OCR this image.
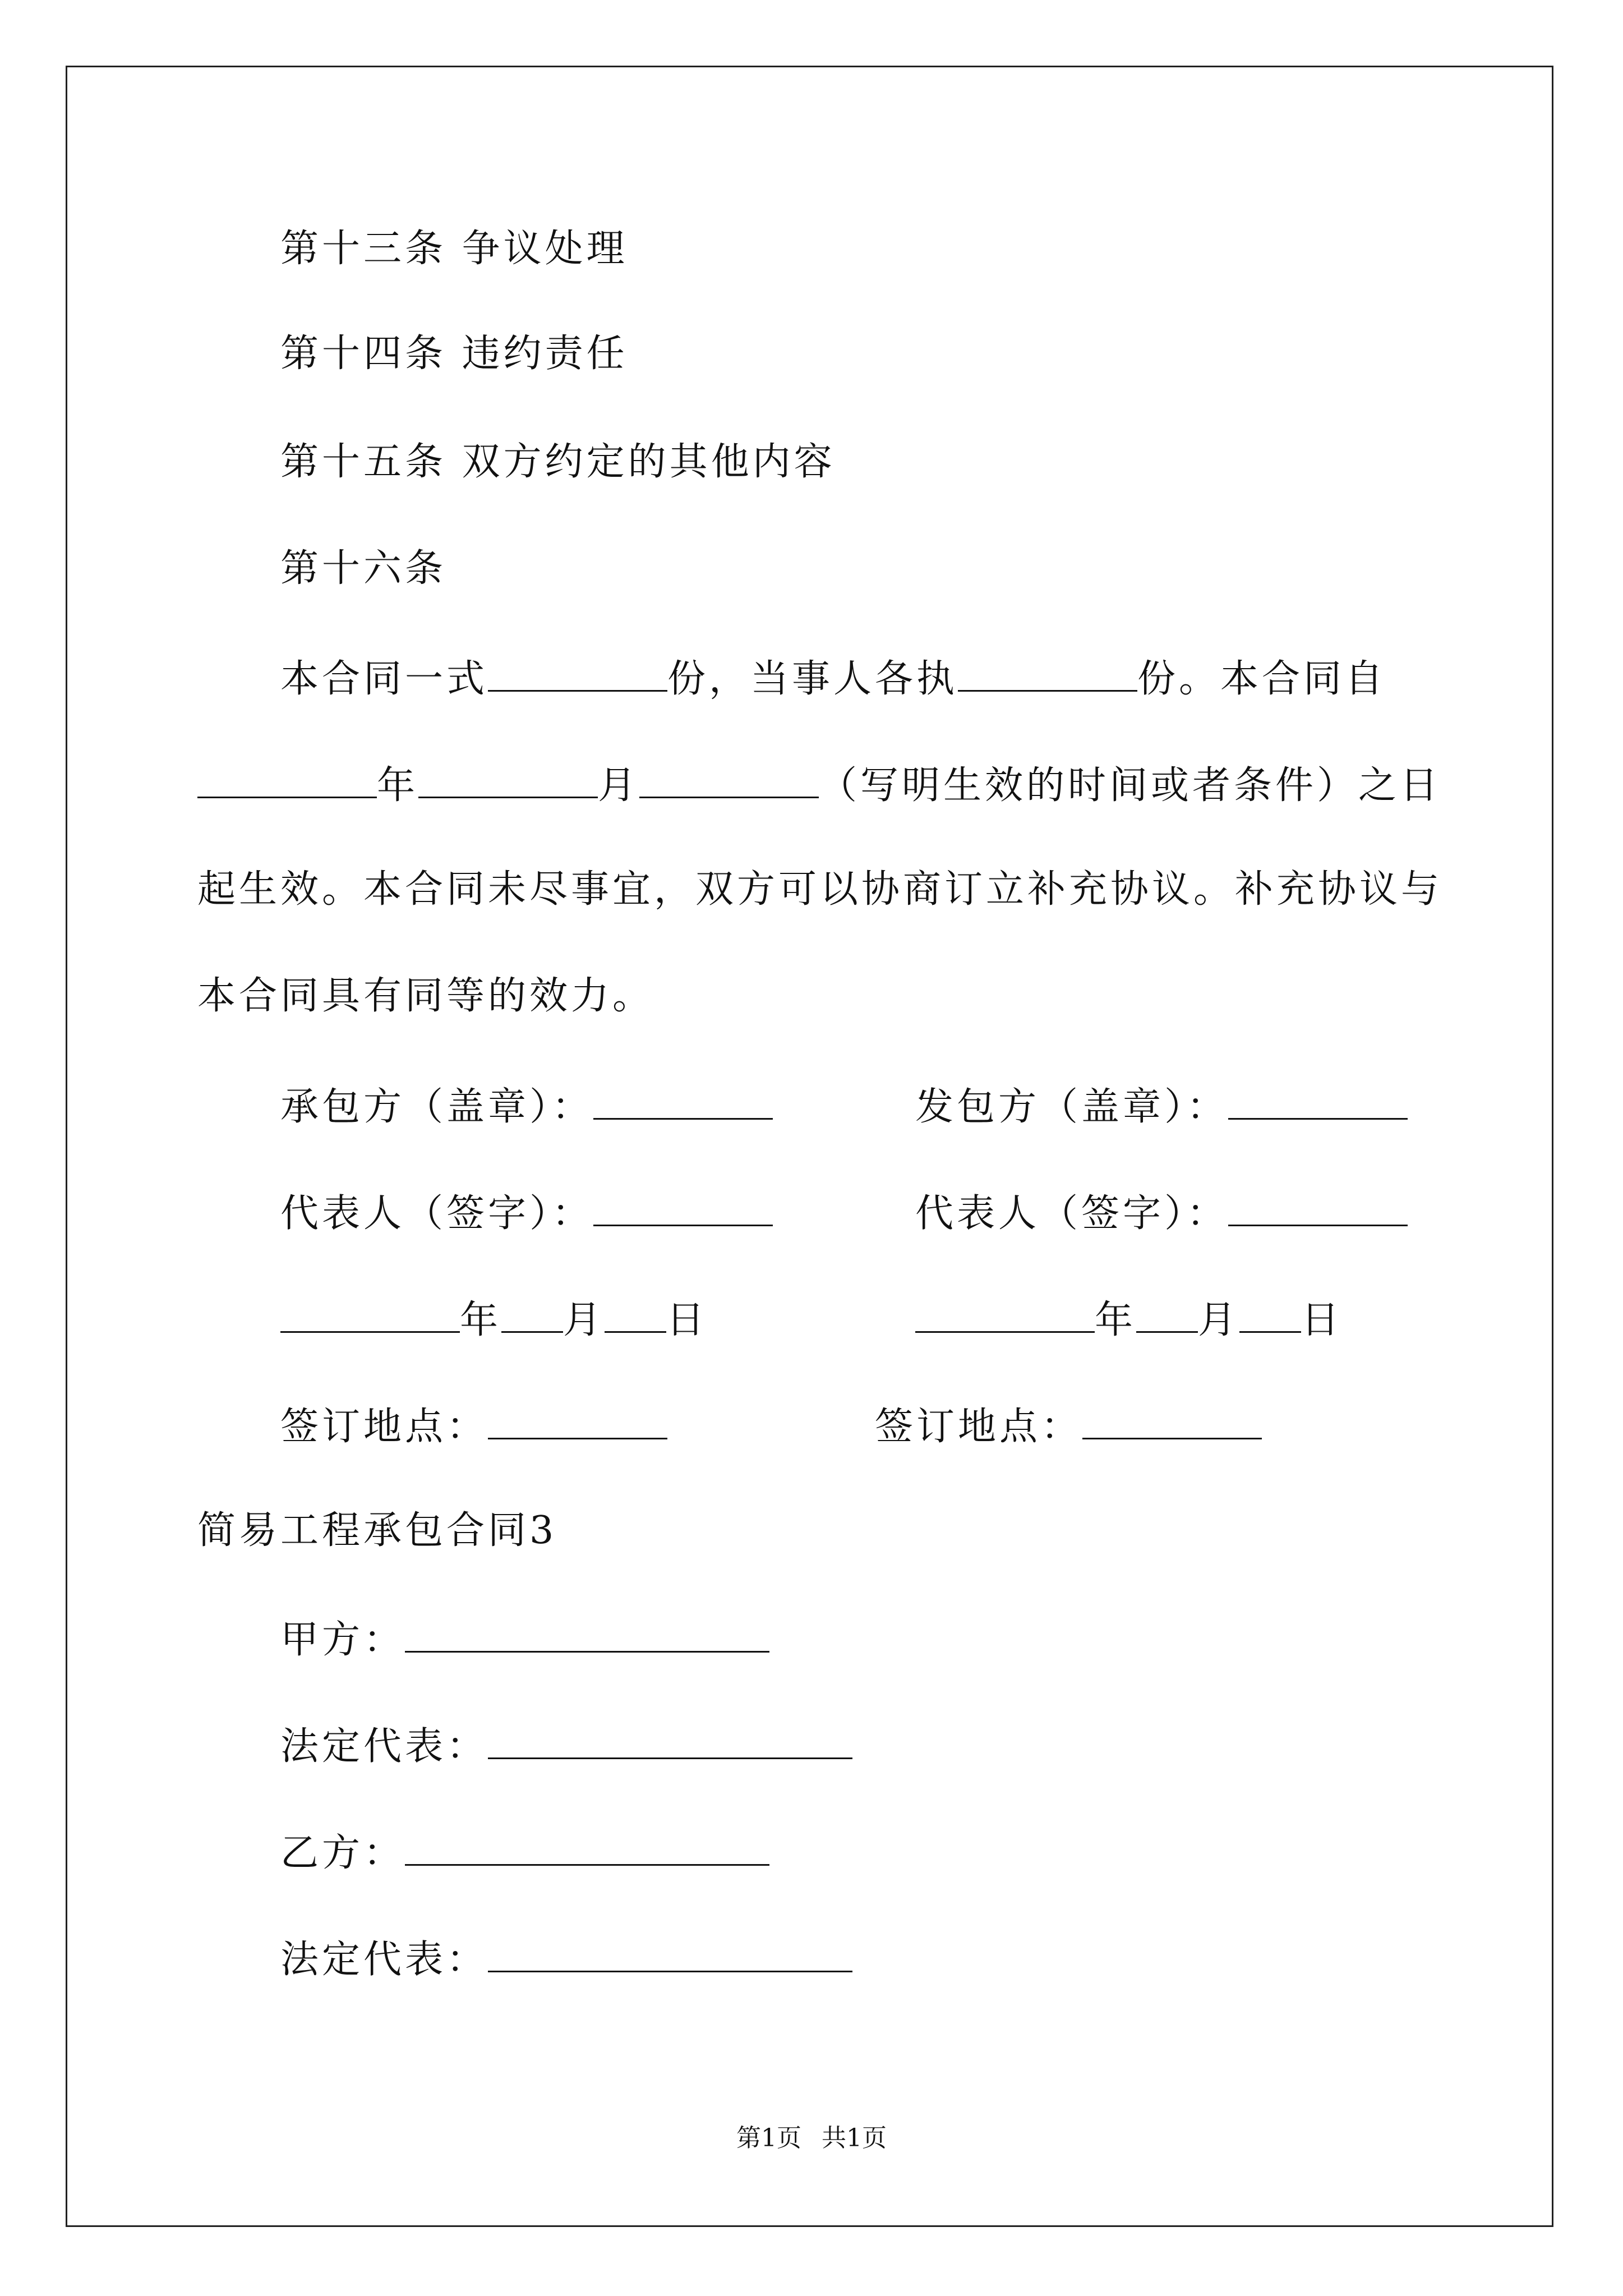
第十三条 争议处理
第十四条 违约责任
第十五条 双方约定的其他内容
第十六条
本合同一式	份，当事人各执	份。本合同自
年	月	（写明生效的时间或者条件）之日
起生效。本合同未尽事宜，双方可以协商订立补充协议。补充协议与
本合同具有同等的效力。
承包方（盖章）：	发包方（盖章）：
代表人（签字）：	代表人（签字）：
年 月 日	年 月 日
签订地点：	签订地点：
简易工程承包合同3
甲方：
法定代表：
乙方：
法定代表：
第1页 共1页
